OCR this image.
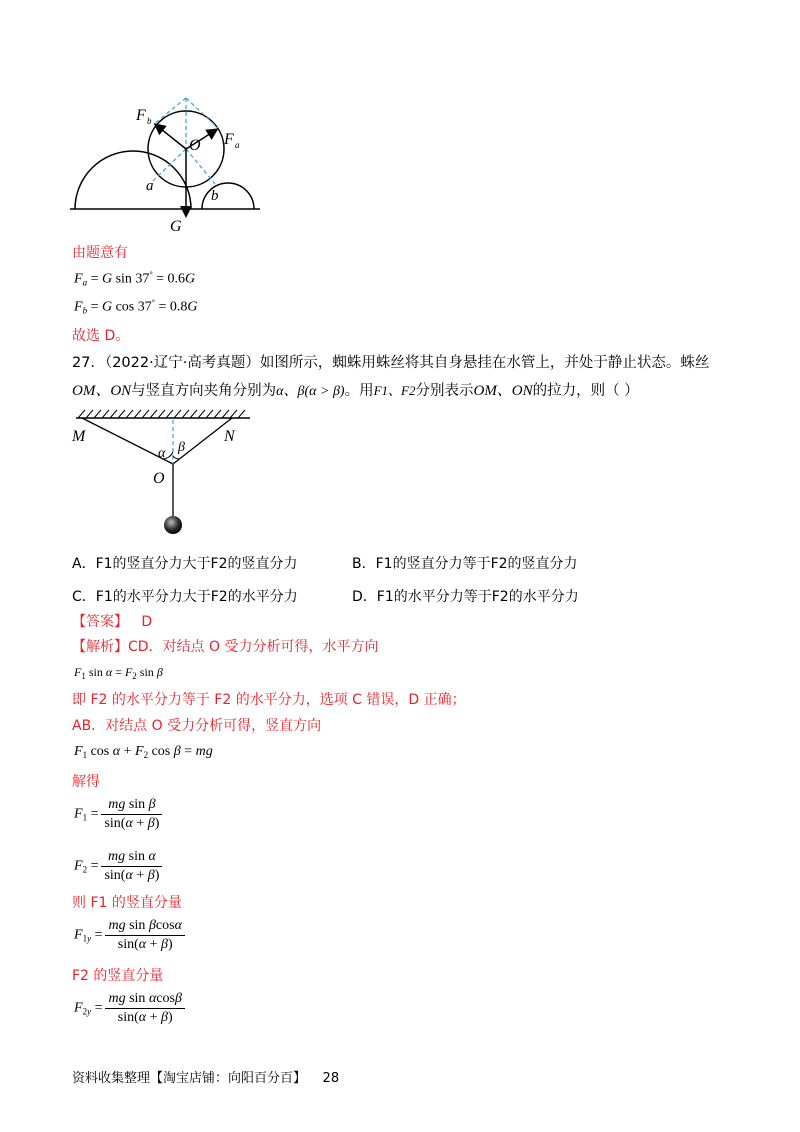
F b
O F a
a
b
G
由题意有
$F_a = G$ sin 37° = 0.6G
$F_b = G$ cos 37° = 0.8G
故选 D。
27．（2022·辽宁·高考真题）如图所示，蜘蛛用蛛丝将其自身悬挂在水管上，并处于静止状态。蛛丝
OM、ON与竖直方向夹角分别为α、β(α > β)。用F1、F2分别表示OM、ON的拉力，则（ ）
M	N
α β
O
A．F1的竖直分力大于F2的竖直分力	B．F1的竖直分力等于F2的竖直分力
C．F1的水平分力大于F2的水平分力	D．F1的水平分力等于F2的水平分力
【答案】 D
【解析】CD．对结点 O 受力分析可得，水平方向
$F_1$ $\sin \alpha = F_2$ sin β
即 F2 的水平分力等于 F2 的水平分力，选项 C 错误，D 正确；
AB．对结点 O 受力分析可得，竖直方向
$F_1$ $\cos \alpha + F_2$ cos β = mg
解得
$F_1 = \frac{\text{mg sin β}}{\sin(\alpha + \beta)}$
$F_2 = \frac{\text{mg sin α}}{\sin(\alpha + \beta)}$
则 F1 的竖直分量
$F_{1y} = \frac{\text{mg sin βcosα}}{\sin(\alpha + \beta)}$
F2 的竖直分量
$F_{2y} = \frac{\text{mg sin αcosβ}}{\sin(\alpha + \beta)}$
资料收集整理【淘宝店铺：向阳百分百】 28
